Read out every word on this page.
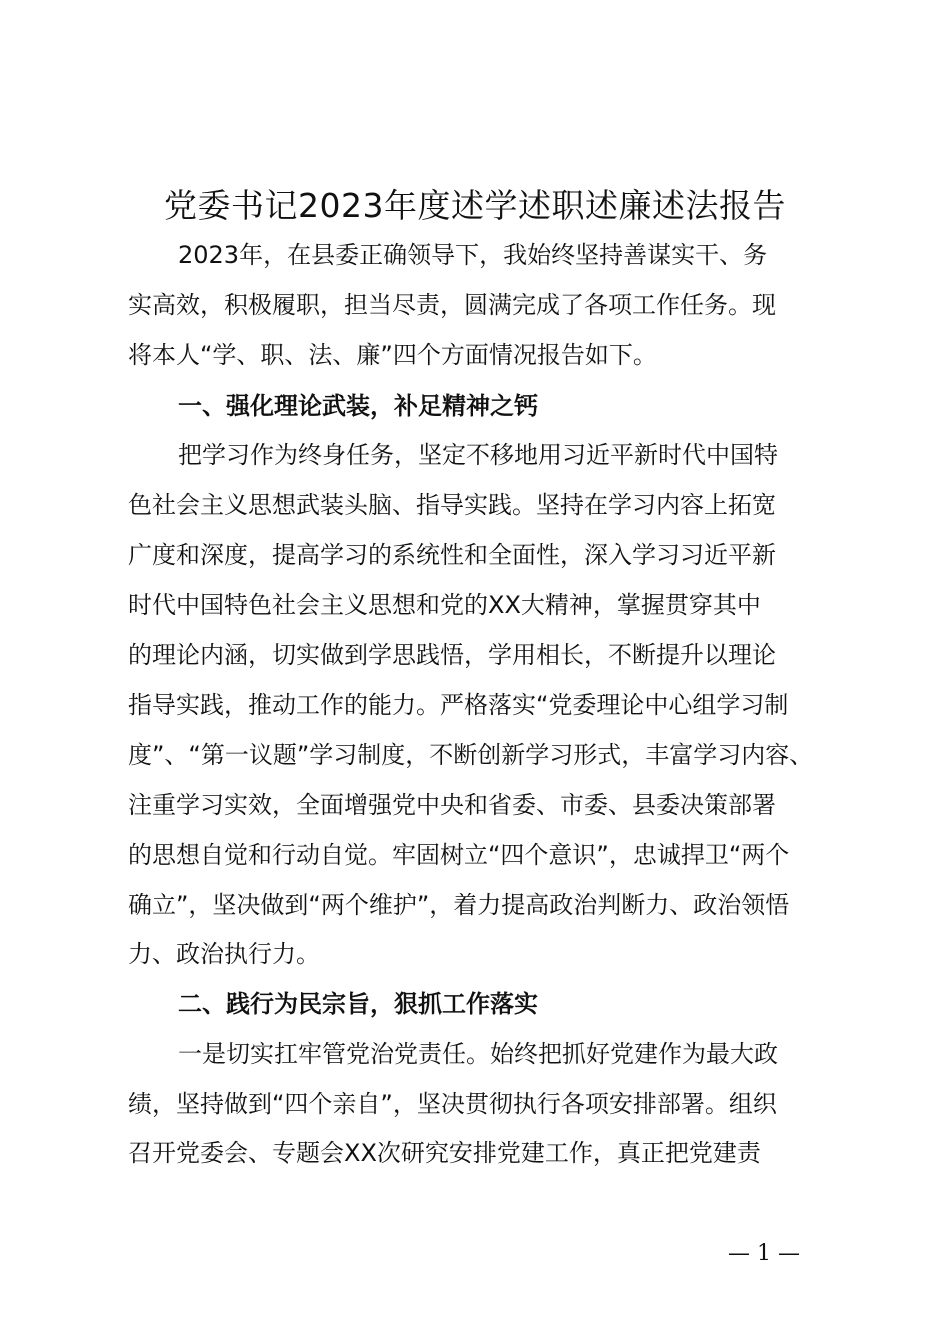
党委书记2023年度述学述职述廉述法报告
2023年，在县委正确领导下，我始终坚持善谋实干、务
实高效，积极履职，担当尽责，圆满完成了各项工作任务。现
将本人“学、职、法、廉”四个方面情况报告如下。
一、强化理论武装，补足精神之钙
把学习作为终身任务，坚定不移地用习近平新时代中国特
色社会主义思想武装头脑、指导实践。坚持在学习内容上拓宽
广度和深度，提高学习的系统性和全面性，深入学习习近平新
时代中国特色社会主义思想和党的XX大精神，掌握贯穿其中
的理论内涵，切实做到学思践悟，学用相长，不断提升以理论
指导实践，推动工作的能力。严格落实“党委理论中心组学习制
度”、“第一议题”学习制度，不断创新学习形式，丰富学习内容、
注重学习实效，全面增强党中央和省委、市委、县委决策部署
的思想自觉和行动自觉。牢固树立“四个意识”，忠诚捍卫“两个
确立”，坚决做到“两个维护”，着力提高政治判断力、政治领悟
力、政治执行力。
二、践行为民宗旨，狠抓工作落实
一是切实扛牢管党治党责任。始终把抓好党建作为最大政
绩，坚持做到“四个亲自”，坚决贯彻执行各项安排部署。组织
召开党委会、专题会XX次研究安排党建工作，真正把党建责
— 1 —
